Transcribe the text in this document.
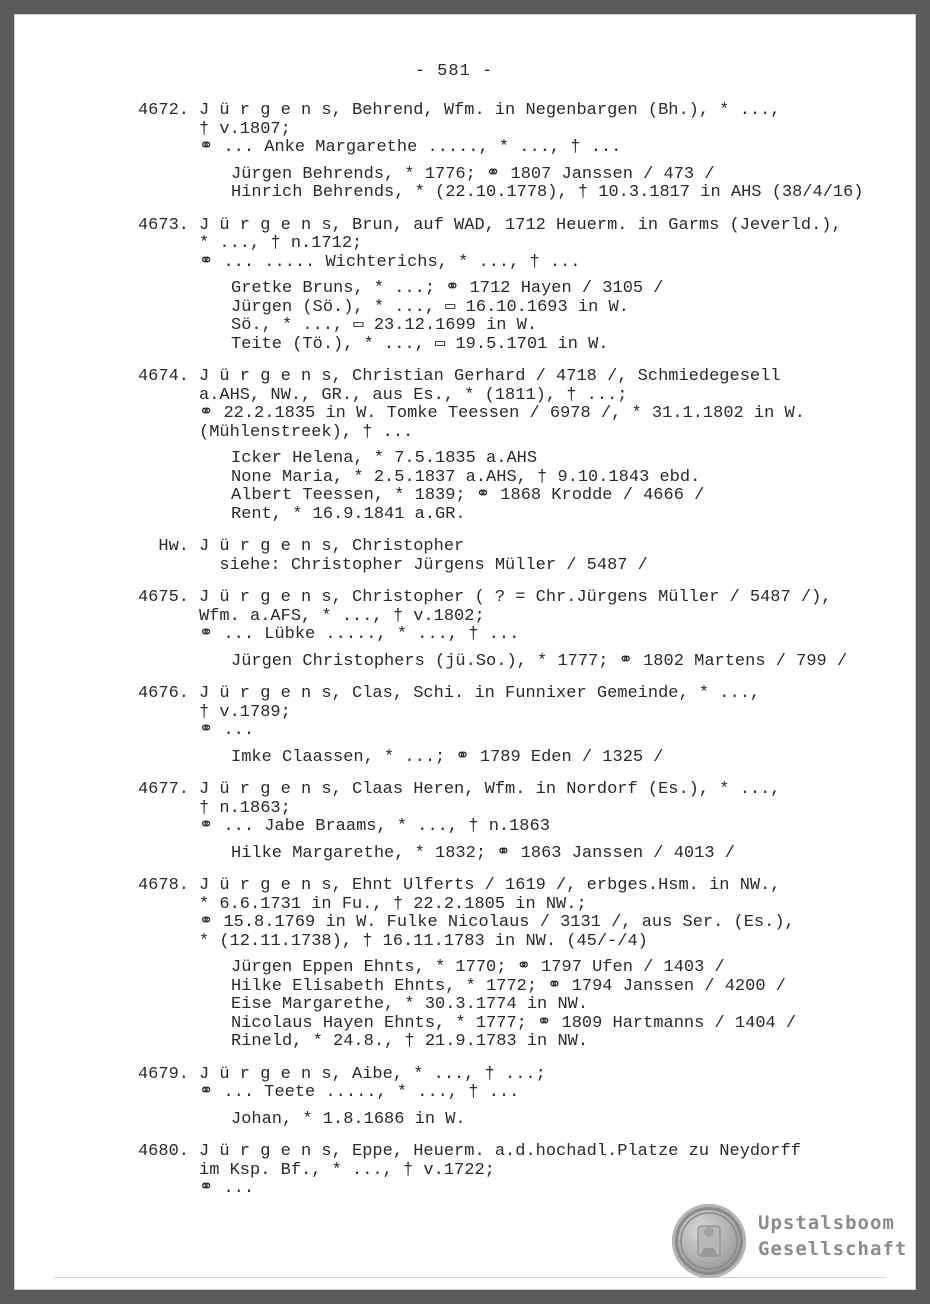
- 581 -
4672. J ü r g e n s, Behrend, Wfm. in Negenbargen (Bh.), * ...,
† v.1807;
⚭ ... Anke Margarethe ....., * ..., † ...
Jürgen Behrends, * 1776; ⚭ 1807 Janssen / 473 /
Hinrich Behrends, * (22.10.1778), † 10.3.1817 in AHS (38/4/16)
4673. J ü r g e n s, Brun, auf WAD, 1712 Heuerm. in Garms (Jeverld.),
* ..., † n.1712;
⚭ ... ..... Wichterichs, * ..., † ...
Gretke Bruns, * ...; ⚭ 1712 Hayen / 3105 /
Jürgen (Sö.), * ..., ▭ 16.10.1693 in W.
Sö., * ..., ▭ 23.12.1699 in W.
Teite (Tö.), * ..., ▭ 19.5.1701 in W.
4674. J ü r g e n s, Christian Gerhard / 4718 /, Schmiedegesell
a.AHS, NW., GR., aus Es., * (1811), † ...;
⚭ 22.2.1835 in W. Tomke Teessen / 6978 /, * 31.1.1802 in W.
(Mühlenstreek), † ...
Icker Helena, * 7.5.1835 a.AHS
None Maria, * 2.5.1837 a.AHS, † 9.10.1843 ebd.
Albert Teessen, * 1839; ⚭ 1868 Krodde / 4666 /
Rent, * 16.9.1841 a.GR.
Hw. J ü r g e n s, Christopher
siehe: Christopher Jürgens Müller / 5487 /
4675. J ü r g e n s, Christopher ( ? = Chr.Jürgens Müller / 5487 /),
Wfm. a.AFS, * ..., † v.1802;
⚭ ... Lübke ....., * ..., † ...
Jürgen Christophers (jü.So.), * 1777; ⚭ 1802 Martens / 799 /
4676. J ü r g e n s, Clas, Schi. in Funnixer Gemeinde, * ...,
† v.1789;
⚭ ...
Imke Claassen, * ...; ⚭ 1789 Eden / 1325 /
4677. J ü r g e n s, Claas Heren, Wfm. in Nordorf (Es.), * ...,
† n.1863;
⚭ ... Jabe Braams, * ..., † n.1863
Hilke Margarethe, * 1832; ⚭ 1863 Janssen / 4013 /
4678. J ü r g e n s, Ehnt Ulferts / 1619 /, erbges.Hsm. in NW.,
* 6.6.1731 in Fu., † 22.2.1805 in NW.;
⚭ 15.8.1769 in W. Fulke Nicolaus / 3131 /, aus Ser. (Es.),
* (12.11.1738), † 16.11.1783 in NW. (45/-/4)
Jürgen Eppen Ehnts, * 1770; ⚭ 1797 Ufen / 1403 /
Hilke Elisabeth Ehnts, * 1772; ⚭ 1794 Janssen / 4200 /
Eise Margarethe, * 30.3.1774 in NW.
Nicolaus Hayen Ehnts, * 1777; ⚭ 1809 Hartmanns / 1404 /
Rineld, * 24.8., † 21.9.1783 in NW.
4679. J ü r g e n s, Aibe, * ..., † ...;
⚭ ... Teete ....., * ..., † ...
Johan, * 1.8.1686 in W.
4680. J ü r g e n s, Eppe, Heuerm. a.d.hochadl.Platze zu Neydorff
im Ksp. Bf., * ..., † v.1722;
⚭ ...
Upstalsboom
Gesellschaft
